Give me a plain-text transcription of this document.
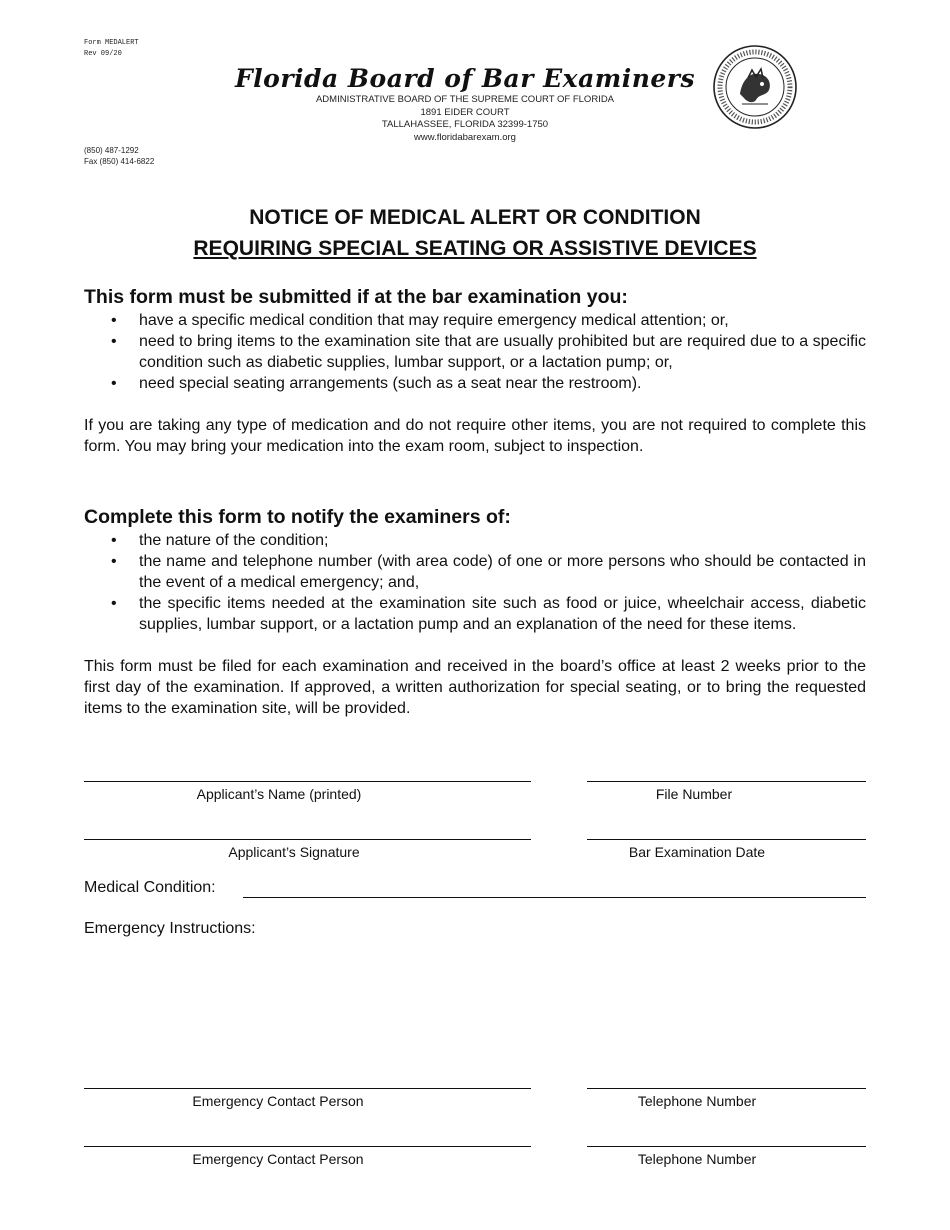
Form MEDALERT
Rev 09/20
(850) 487-1292
Fax (850) 414-6822
Florida Board of Bar Examiners
ADMINISTRATIVE BOARD OF THE SUPREME COURT OF FLORIDA
1891 EIDER COURT
TALLAHASSEE, FLORIDA 32399-1750
www.floridabarexam.org
NOTICE OF MEDICAL ALERT OR CONDITION
REQUIRING SPECIAL SEATING OR ASSISTIVE DEVICES
This form must be submitted if at the bar examination you:
• have a specific medical condition that may require emergency medical attention; or,
• need to bring items to the examination site that are usually prohibited but are required due to a specific condition such as diabetic supplies, lumbar support, or a lactation pump; or,
• need special seating arrangements (such as a seat near the restroom).

If you are taking any type of medication and do not require other items, you are not required to complete this form. You may bring your medication into the exam room, subject to inspection.

Complete this form to notify the examiners of:
• the nature of the condition;
• the name and telephone number (with area code) of one or more persons who should be contacted in the event of a medical emergency; and,
• the specific items needed at the examination site such as food or juice, wheelchair access, diabetic supplies, lumbar support, or a lactation pump and an explanation of the need for these items.

This form must be filed for each examination and received in the board’s office at least 2 weeks prior to the first day of the examination. If approved, a written authorization for special seating, or to bring the requested items to the examination site, will be provided.

Applicant’s Name (printed)	File Number
Applicant’s Signature	Bar Examination Date
Medical Condition:
Emergency Instructions:
Emergency Contact Person	Telephone Number
Emergency Contact Person	Telephone Number
